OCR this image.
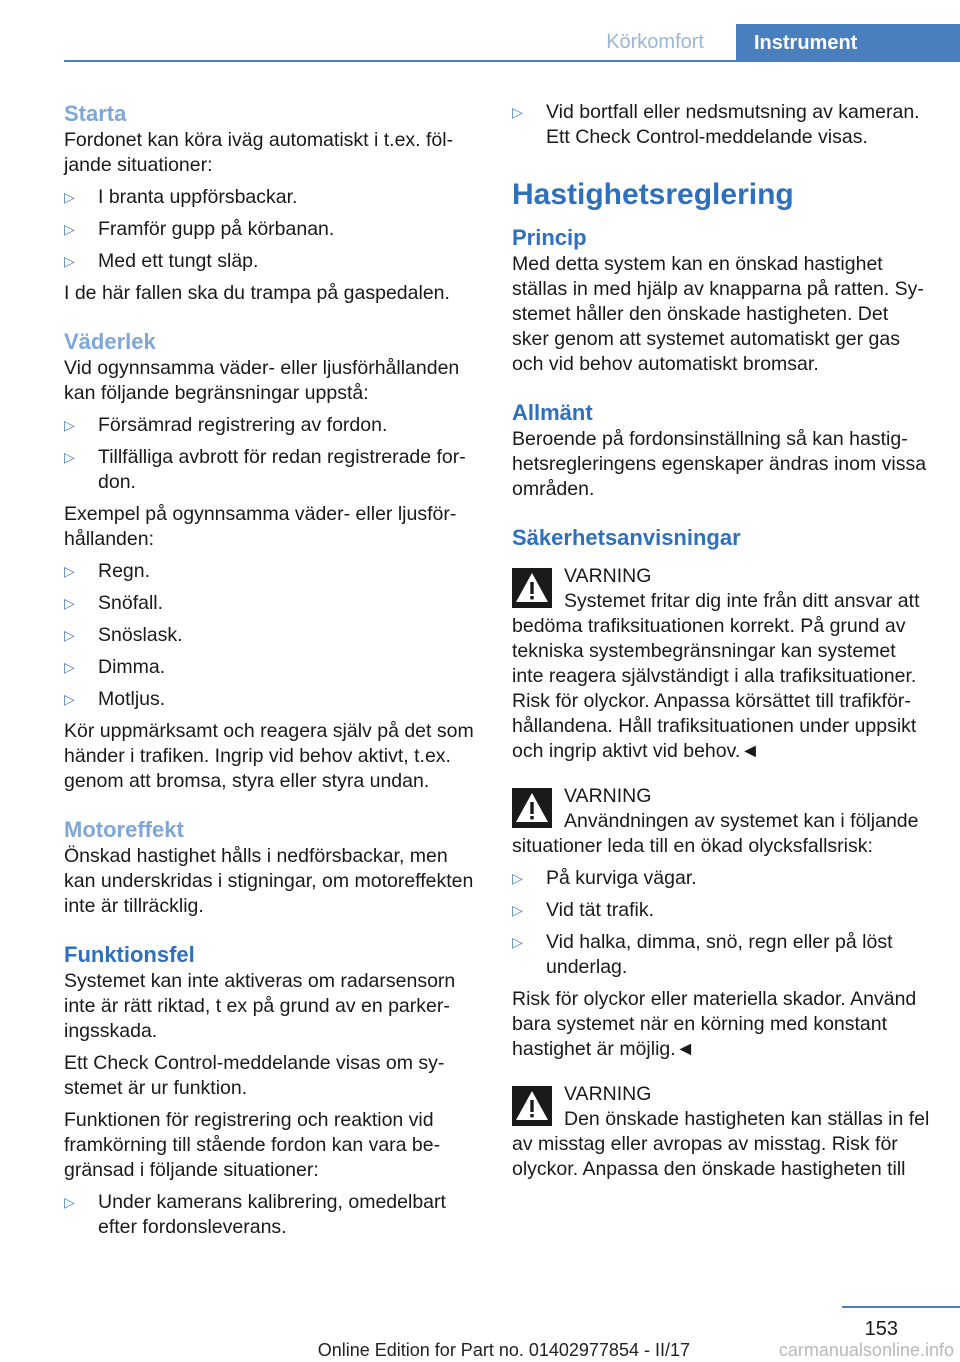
Körkomfort	Instrument
Starta

Fordonet kan köra iväg automatiskt i t.ex. följande situationer:

▷ I branta uppförsbackar.
▷ Framför gupp på körbanan.
▷ Med ett tungt släp.

I de här fallen ska du trampa på gaspedalen.

Väderlek

Vid ogynnsamma väder- eller ljusförhållanden kan följande begränsningar uppstå:

▷ Försämrad registrering av fordon.
▷ Tillfälliga avbrott för redan registrerade fordon.

Exempel på ogynnsamma väder- eller ljusförhållanden:

▷ Regn.
▷ Snöfall.
▷ Snöslask.
▷ Dimma.
▷ Motljus.

Kör uppmärksamt och reagera själv på det som händer i trafiken. Ingrip vid behov aktivt, t.ex. genom att bromsa, styra eller styra undan.

Motoreffekt

Önskad hastighet hålls i nedförsbackar, men kan underskridas i stigningar, om motoreffekten inte är tillräcklig.

Funktionsfel

Systemet kan inte aktiveras om radarsensorn inte är rätt riktad, t ex på grund av en parkeringsskada.

Ett Check Control-meddelande visas om systemet är ur funktion.

Funktionen för registrering och reaktion vid framkörning till stående fordon kan vara begränsad i följande situationer:

▷ Under kamerans kalibrering, omedelbart efter fordonsleverans.
▷ Vid bortfall eller nedsmutsning av kameran. Ett Check Control-meddelande visas.
Hastighetsreglering
Princip

Med detta system kan en önskad hastighet ställas in med hjälp av knapparna på ratten. Systemet håller den önskade hastigheten. Det sker genom att systemet automatiskt ger gas och vid behov automatiskt bromsar.

Allmänt

Beroende på fordonsinställning så kan hastighetsregleringens egenskaper ändras inom vissa områden.

Säkerhetsanvisningar
VARNING
Systemet fritar dig inte från ditt ansvar att bedöma trafiksituationen korrekt. På grund av tekniska systembegränsningar kan systemet inte reagera självständigt i alla trafiksituationer. Risk för olyckor. Anpassa körsättet till trafikförhållandena. Håll trafiksituationen under uppsikt och ingrip aktivt vid behov.◄
VARNING
Användningen av systemet kan i följande situationer leda till en ökad olycksfallsrisk:
▷ På kurviga vägar.
▷ Vid tät trafik.
▷ Vid halka, dimma, snö, regn eller på löst underlag.
Risk för olyckor eller materiella skador. Använd bara systemet när en körning med konstant hastighet är möjlig.◄
VARNING
Den önskade hastigheten kan ställas in fel av misstag eller avropas av misstag. Risk för olyckor. Anpassa den önskade hastigheten till
153
Online Edition for Part no. 01402977854 - II/17	carmanualsonline.info
